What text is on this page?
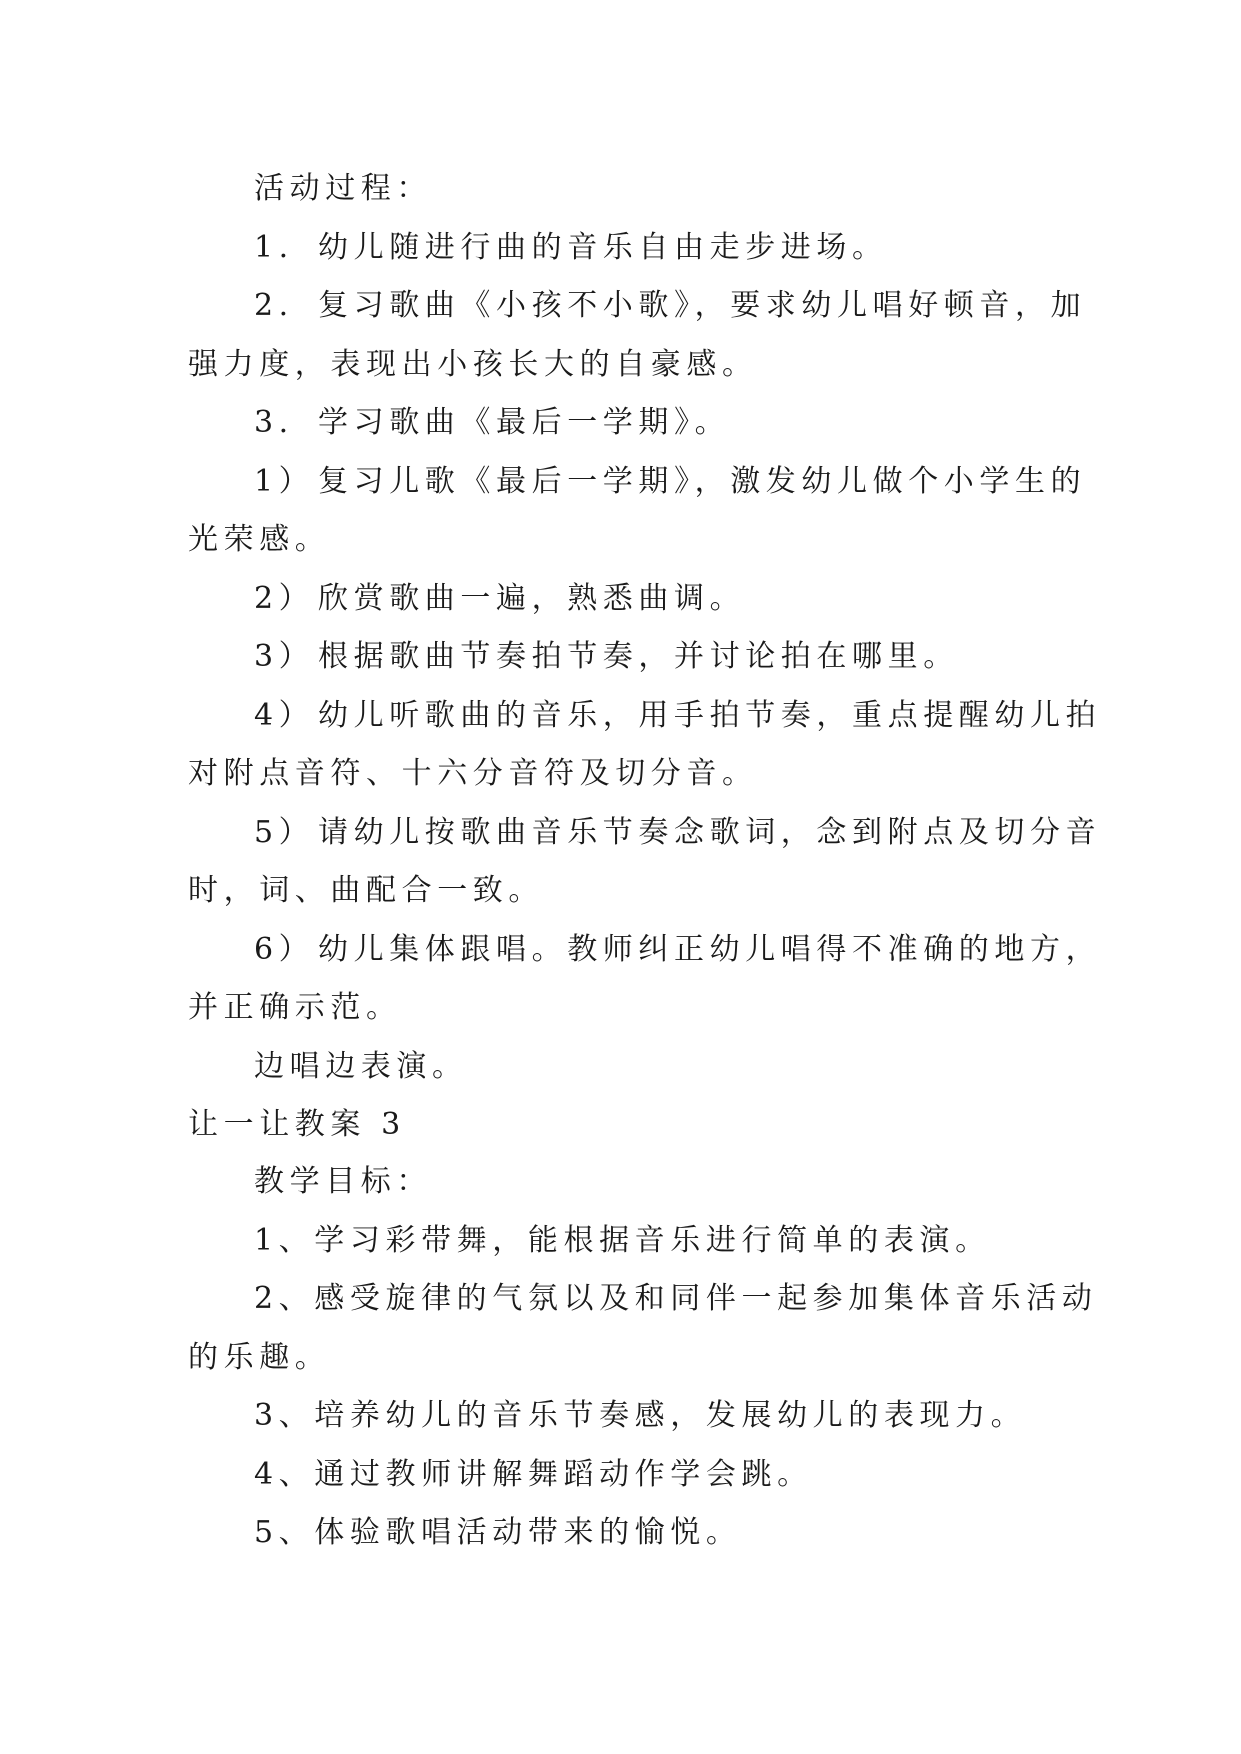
活动过程：

1. 幼儿随进行曲的音乐自由走步进场。

2. 复习歌曲《小孩不小歌》，要求幼儿唱好顿音，加

强力度，表现出小孩长大的自豪感。

3. 学习歌曲《最后一学期》。

1） 复习儿歌《最后一学期》，激发幼儿做个小学生的

光荣感。

2） 欣赏歌曲一遍，熟悉曲调。

3） 根据歌曲节奏拍节奏，并讨论拍在哪里。

4） 幼儿听歌曲的音乐，用手拍节奏，重点提醒幼儿拍

对附点音符、十六分音符及切分音。

5） 请幼儿按歌曲音乐节奏念歌词，念到附点及切分音

时，词、曲配合一致。

6） 幼儿集体跟唱。教师纠正幼儿唱得不准确的地方，

并正确示范。

边唱边表演。

让一让教案 3

教学目标：

1、学习彩带舞，能根据音乐进行简单的表演。

2、感受旋律的气氛以及和同伴一起参加集体音乐活动

的乐趣。

3、培养幼儿的音乐节奏感，发展幼儿的表现力。

4、通过教师讲解舞蹈动作学会跳。

5、体验歌唱活动带来的愉悦。
